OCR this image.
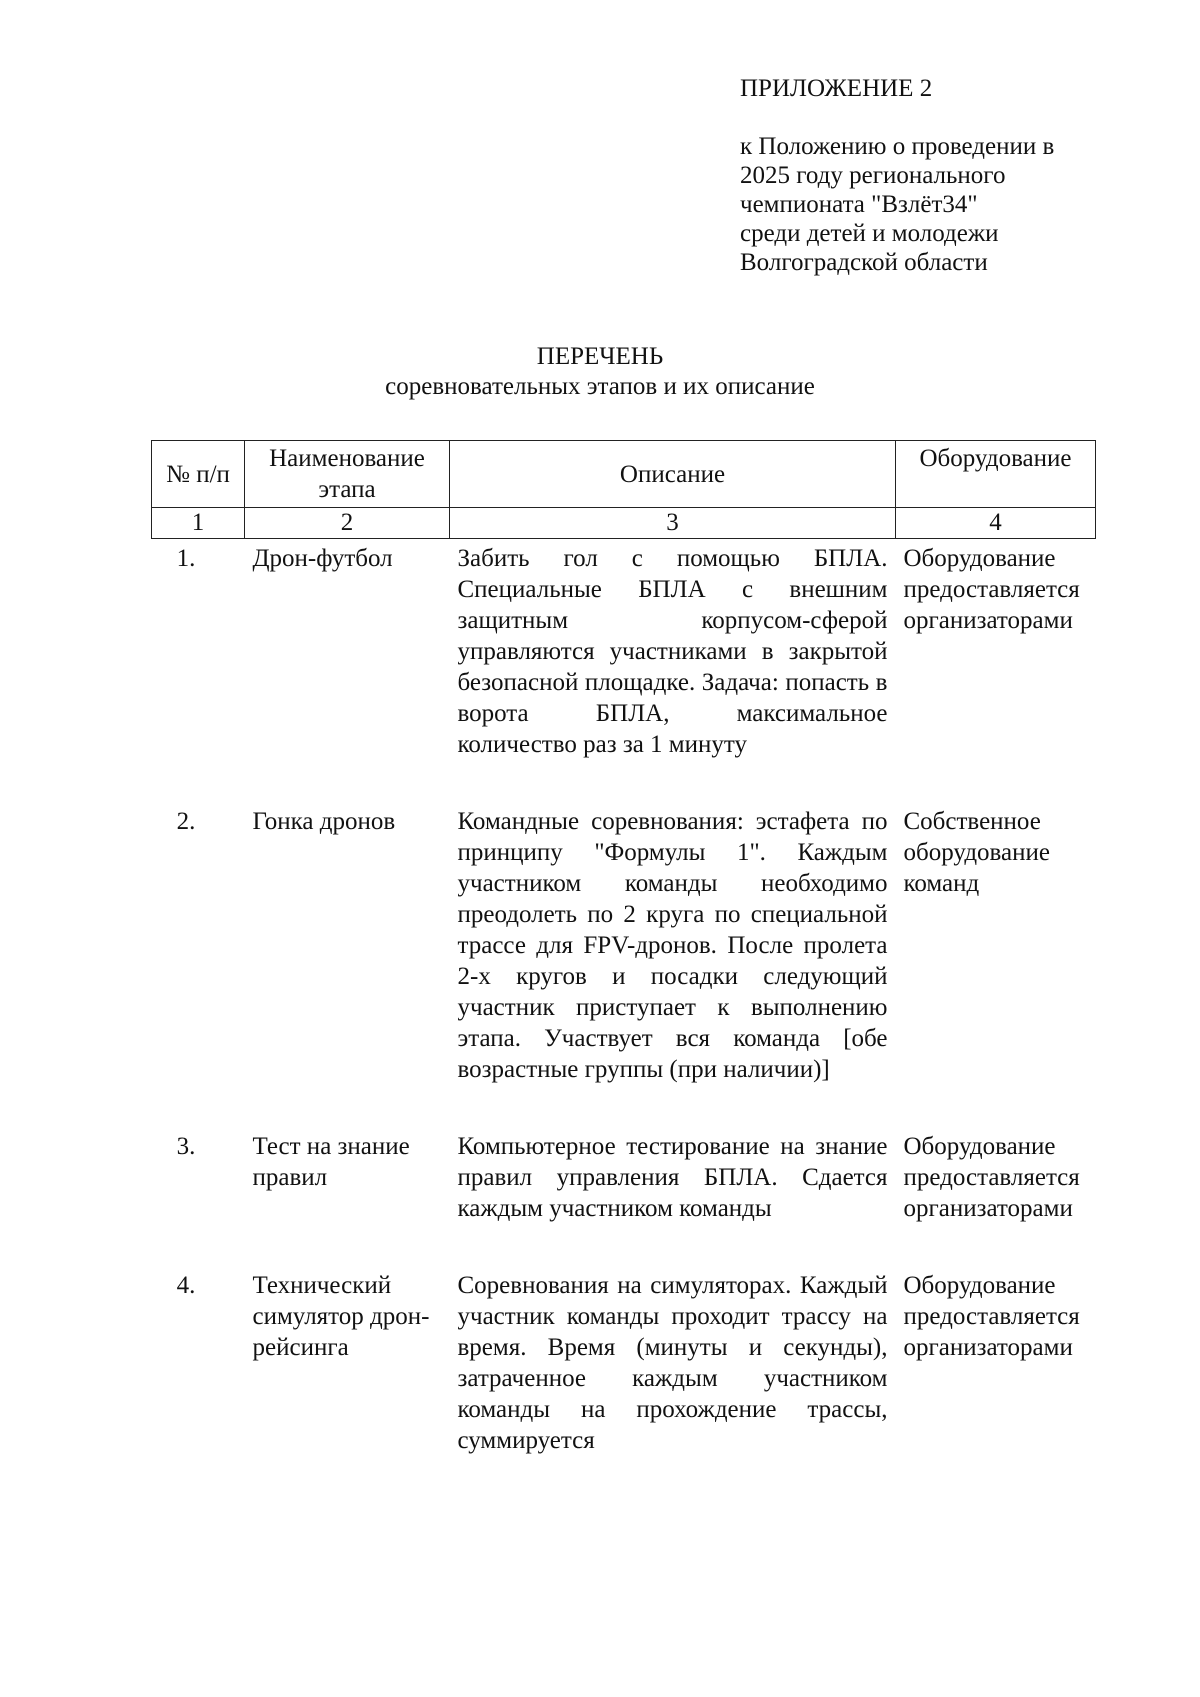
ПРИЛОЖЕНИЕ 2
к Положению о проведении в
2025 году регионального
чемпионата "Взлёт34"
среди детей и молодежи
Волгоградской области
ПЕРЕЧЕНЬ
соревновательных этапов и их описание
№ п/п	Наименование этапа	Описание	Оборудование
1	2	3	4
1.	Дрон-футбол	Забить гол с помощью БПЛА. Специальные БПЛА с внешним защитным корпусом-сферой управляются участниками в закрытой безопасной площадке. Задача: попасть в ворота БПЛА, максимальное количество раз за 1 минуту	Оборудование предоставляется организаторами
2.	Гонка дронов	Командные соревнования: эстафета по принципу "Формулы 1". Каждым участником команды необходимо преодолеть по 2 круга по специальной трассе для FPV-дронов. После пролета 2-х кругов и посадки следующий участник приступает к выполнению этапа. Участвует вся команда [обе возрастные группы (при наличии)]	Собственное оборудование команд
3.	Тест на знание правил	Компьютерное тестирование на знание правил управления БПЛА. Сдается каждым участником команды	Оборудование предоставляется организаторами
4.	Технический симулятор дрон-рейсинга	Соревнования на симуляторах. Каждый участник команды проходит трассу на время. Время (минуты и секунды), затраченное каждым участником команды на прохождение трассы, суммируется	Оборудование предоставляется организаторами
